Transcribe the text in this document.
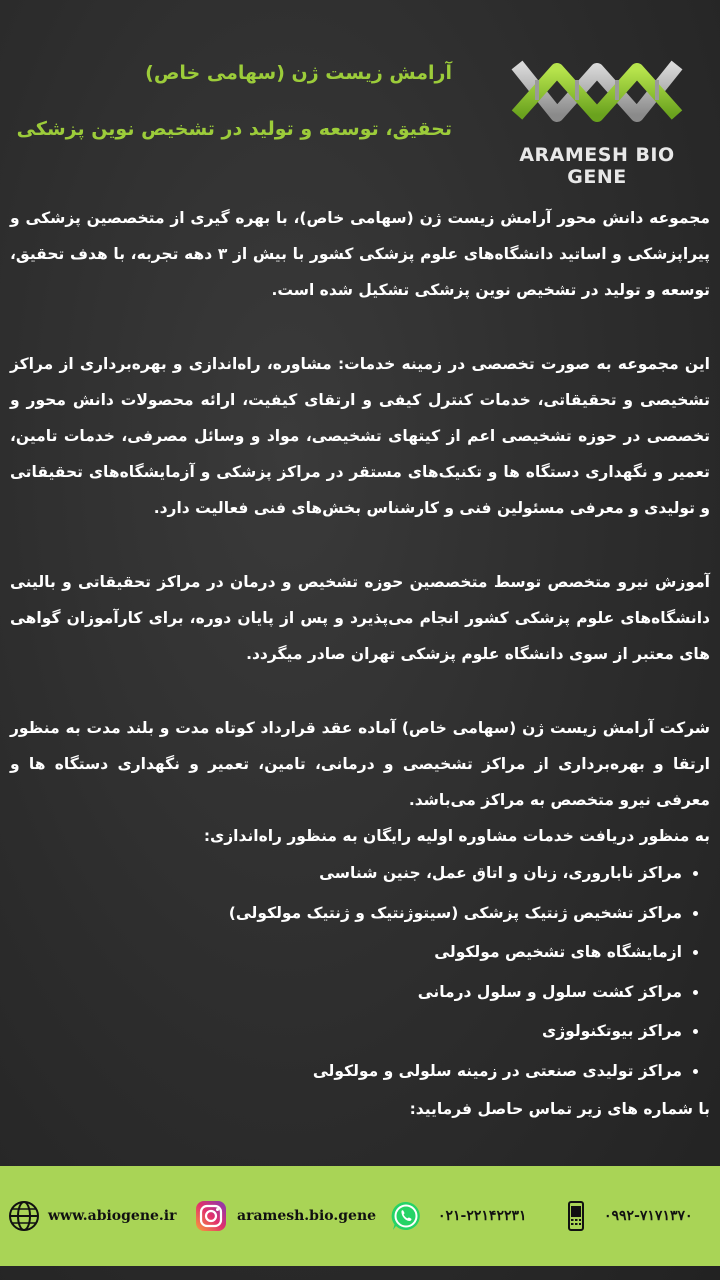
آرامش زیست ژن (سهامی خاص)
تحقیق، توسعه و تولید در تشخیص نوین پزشکی
ARAMESH BIO GENE

مجموعه دانش محور آرامش زیست ژن (سهامی خاص)، با بهره گیری از متخصصین پزشکی و پیراپزشکی و اساتید دانشگاه‌های علوم پزشکی کشور با بیش از ۳ دهه تجربه، با هدف تحقیق، توسعه و تولید در تشخیص نوین پزشکی تشکیل شده است.

این مجموعه به صورت تخصصی در زمینه خدمات: مشاوره، راه‌اندازی و بهره‌برداری از مراکز تشخیصی و تحقیقاتی، خدمات کنترل کیفی و ارتقای کیفیت، ارائه محصولات دانش محور و تخصصی در حوزه تشخیصی اعم از کیتهای تشخیصی، مواد و وسائل مصرفی، خدمات تامین، تعمیر و نگهداری دستگاه ها و تکنیک‌های مستقر در مراکز پزشکی و آزمایشگاه‌های تحقیقاتی و تولیدی و معرفی مسئولین فنی و کارشناس بخش‌های فنی فعالیت دارد.

آموزش نیرو متخصص توسط متخصصین حوزه تشخیص و درمان در مراکز تحقیقاتی و بالینی دانشگاه‌های علوم پزشکی کشور انجام می‌پذیرد و پس از پایان دوره، برای کارآموزان گواهی های معتبر از سوی دانشگاه علوم پزشکی تهران صادر میگردد.

شرکت آرامش زیست ژن (سهامی خاص) آماده عقد قرارداد کوتاه مدت و بلند مدت به منظور ارتقا و بهره‌برداری از مراکز تشخیصی و درمانی، تامین، تعمیر و نگهداری دستگاه ها و معرفی نیرو متخصص به مراکز می‌باشد.

به منظور دریافت خدمات مشاوره اولیه رایگان به منظور راه‌اندازی:

• مراکز ناباروری، زنان و اتاق عمل، جنین شناسی
• مراکز تشخیص ژنتیک پزشکی (سیتوژنتیک و ژنتیک مولکولی)
• ازمایشگاه های تشخیص مولکولی
• مراکز کشت سلول و سلول درمانی
• مراکز بیوتکنولوژی
• مراکز تولیدی صنعتی در زمینه سلولی و مولکولی

با شماره های زیر تماس حاصل فرمایید:

www.abiogene.ir	aramesh.bio.gene	۰۲۱-۲۲۱۴۲۲۳۱	۰۹۹۲-۷۱۷۱۳۷۰
